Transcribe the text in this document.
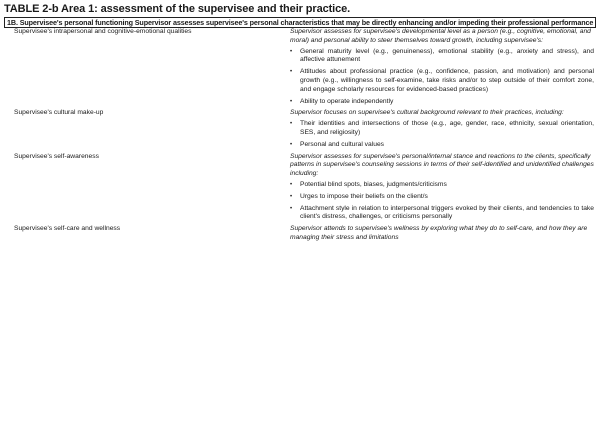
TABLE 2-b Area 1: assessment of the supervisee and their practice.
1B. Supervisee's personal functioning Supervisor assesses supervisee's personal characteristics that may be directly enhancing and/or impeding their professional performance
Supervisee's intrapersonal and cognitive-emotional qualities	Supervisor assesses for supervisee's developmental level as a person (e.g., cognitive, emotional, and moral) and personal ability to steer themselves toward growth, including supervisee's:

• General maturity level (e.g., genuineness), emotional stability (e.g., anxiety and stress), and affective attunement
• Attitudes about professional practice (e.g., confidence, passion, and motivation) and personal growth (e.g., willingness to self-examine, take risks and/or to step outside of their comfort zone, and engage scholarly resources for evidenced-based practices)
• Ability to operate independently
Supervisee's cultural make-up	Supervisor focuses on supervisee's cultural background relevant to their practices, including:

• Their identities and intersections of those (e.g., age, gender, race, ethnicity, sexual orientation, SES, and religiosity)
• Personal and cultural values
Supervisee's self-awareness	Supervisor assesses for supervisee's personal/internal stance and reactions to the clients, specifically patterns in supervisee's counseling sessions in terms of their self-identified and unidentified challenges including:

• Potential blind spots, biases, judgments/criticisms
• Urges to impose their beliefs on the client/s
• Attachment style in relation to interpersonal triggers evoked by their clients, and tendencies to take client's distress, challenges, or criticisms personally
Supervisee's self-care and wellness	Supervisor attends to supervisee's wellness by exploring what they do to self-care, and how they are managing their stress and limitations
